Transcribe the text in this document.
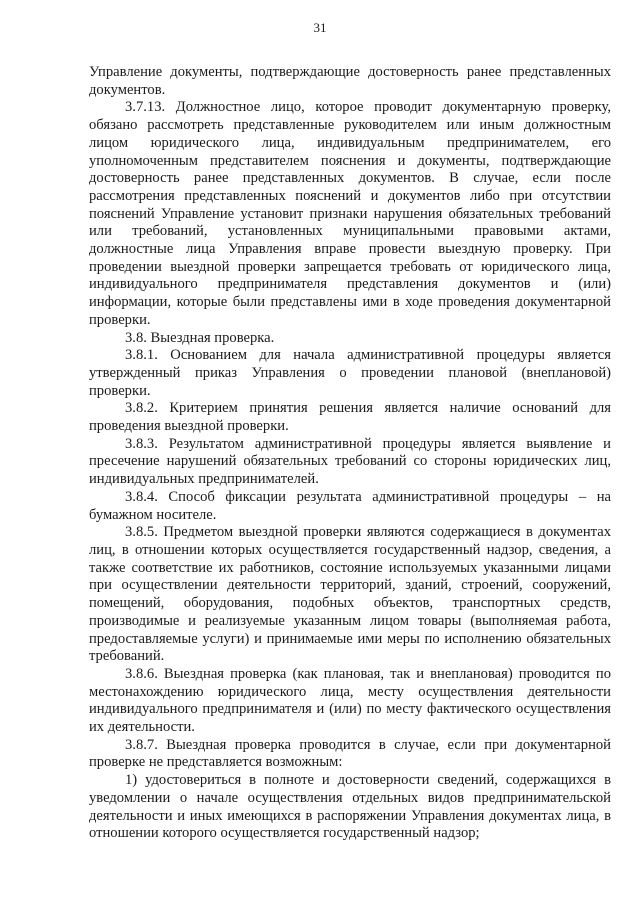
31

Управление документы, подтверждающие достоверность ранее представленных документов.

3.7.13. Должностное лицо, которое проводит документарную проверку, обязано рассмотреть представленные руководителем или иным должностным лицом юридического лица, индивидуальным предпринимателем, его уполномоченным представителем пояснения и документы, подтверждающие достоверность ранее представленных документов. В случае, если после рассмотрения представленных пояснений и документов либо при отсутствии пояснений Управление установит признаки нарушения обязательных требований или требований, установленных муниципальными правовыми актами, должностные лица Управления вправе провести выездную проверку. При проведении выездной проверки запрещается требовать от юридического лица, индивидуального предпринимателя представления документов и (или) информации, которые были представлены ими в ходе проведения документарной проверки.

3.8. Выездная проверка.

3.8.1. Основанием для начала административной процедуры является утвержденный приказ Управления о проведении плановой (внеплановой) проверки.

3.8.2. Критерием принятия решения является наличие оснований для проведения выездной проверки.

3.8.3. Результатом административной процедуры является выявление и пресечение нарушений обязательных требований со стороны юридических лиц, индивидуальных предпринимателей.

3.8.4. Способ фиксации результата административной процедуры – на бумажном носителе.

3.8.5. Предметом выездной проверки являются содержащиеся в документах лиц, в отношении которых осуществляется государственный надзор, сведения, а также соответствие их работников, состояние используемых указанными лицами при осуществлении деятельности территорий, зданий, строений, сооружений, помещений, оборудования, подобных объектов, транспортных средств, производимые и реализуемые указанным лицом товары (выполняемая работа, предоставляемые услуги) и принимаемые ими меры по исполнению обязательных требований.

3.8.6. Выездная проверка (как плановая, так и внеплановая) проводится по местонахождению юридического лица, месту осуществления деятельности индивидуального предпринимателя и (или) по месту фактического осуществления их деятельности.

3.8.7. Выездная проверка проводится в случае, если при документарной проверке не представляется возможным:

1) удостовериться в полноте и достоверности сведений, содержащихся в уведомлении о начале осуществления отдельных видов предпринимательской деятельности и иных имеющихся в распоряжении Управления документах лица, в отношении которого осуществляется государственный надзор;
